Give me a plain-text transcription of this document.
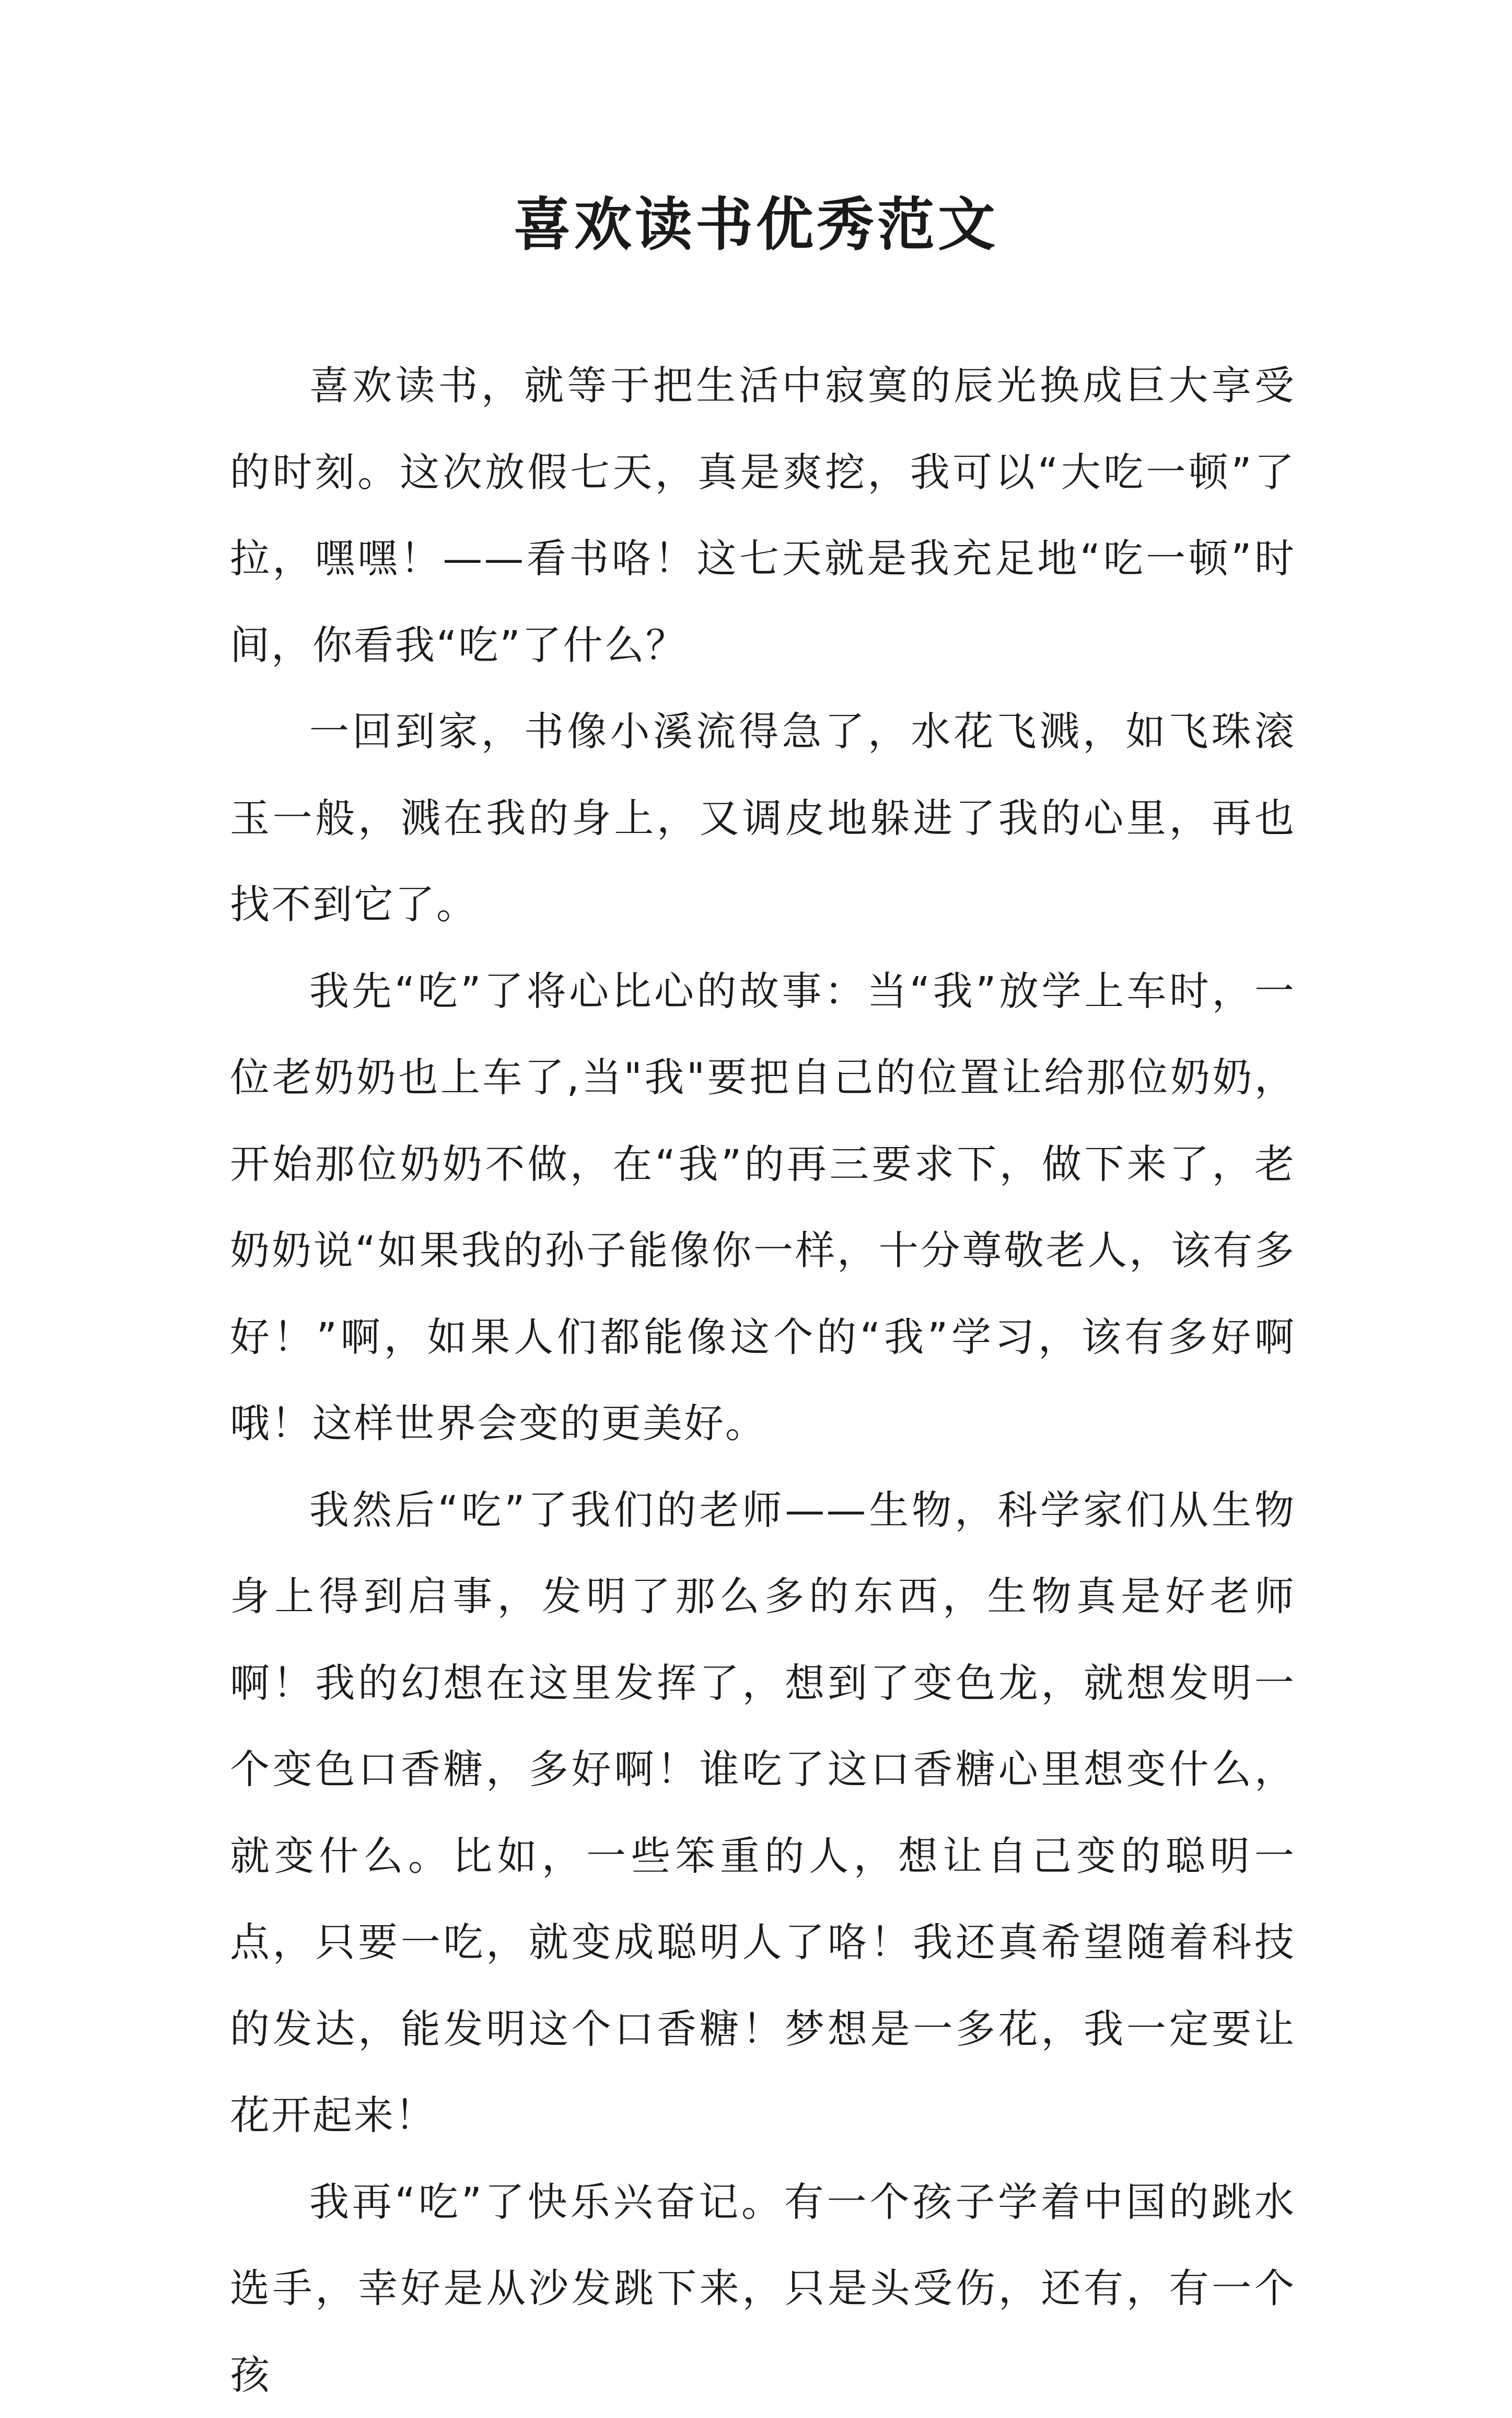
喜欢读书优秀范文

喜欢读书，就等于把生活中寂寞的辰光换成巨大享受的时刻。这次放假七天，真是爽挖，我可以“大吃一顿”了拉，嘿嘿！——看书咯！这七天就是我充足地“吃一顿”时间，你看我“吃”了什么？

一回到家，书像小溪流得急了，水花飞溅，如飞珠滚玉一般，溅在我的身上，又调皮地躲进了我的心里，再也找不到它了。

我先“吃”了将心比心的故事：当“我”放学上车时，一位老奶奶也上车了,当"我"要把自己的位置让给那位奶奶，开始那位奶奶不做，在“我”的再三要求下，做下来了，老奶奶说“如果我的孙子能像你一样，十分尊敬老人，该有多好！”啊，如果人们都能像这个的“我”学习，该有多好啊哦！这样世界会变的更美好。

我然后“吃”了我们的老师——生物，科学家们从生物身上得到启事，发明了那么多的东西，生物真是好老师啊！我的幻想在这里发挥了，想到了变色龙，就想发明一个变色口香糖，多好啊！谁吃了这口香糖心里想变什么，就变什么。比如，一些笨重的人，想让自己变的聪明一点，只要一吃，就变成聪明人了咯！我还真希望随着科技的发达，能发明这个口香糖！梦想是一多花，我一定要让花开起来！

我再“吃”了快乐兴奋记。有一个孩子学着中国的跳水选手，幸好是从沙发跳下来，只是头受伤，还有，有一个孩
